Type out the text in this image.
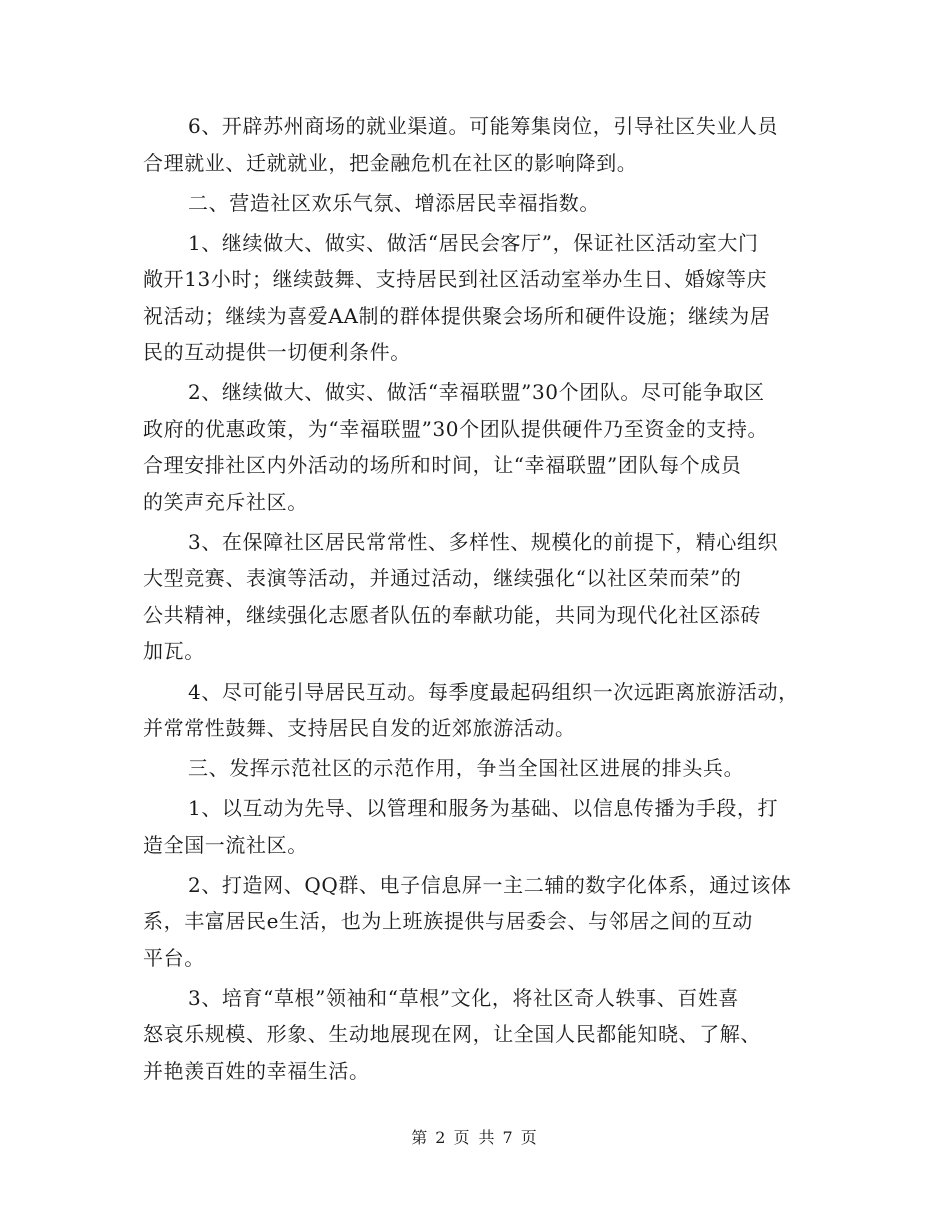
6、开辟苏州商场的就业渠道。可能筹集岗位，引导社区失业人员
合理就业、迁就就业，把金融危机在社区的影响降到。
二、营造社区欢乐气氛、增添居民幸福指数。
1、继续做大、做实、做活“居民会客厅”，保证社区活动室大门
敞开13小时；继续鼓舞、支持居民到社区活动室举办生日、婚嫁等庆
祝活动；继续为喜爱AA制的群体提供聚会场所和硬件设施；继续为居
民的互动提供一切便利条件。
2、继续做大、做实、做活“幸福联盟”30个团队。尽可能争取区
政府的优惠政策，为“幸福联盟”30个团队提供硬件乃至资金的支持。
合理安排社区内外活动的场所和时间，让“幸福联盟”团队每个成员
的笑声充斥社区。
3、在保障社区居民常常性、多样性、规模化的前提下，精心组织
大型竞赛、表演等活动，并通过活动，继续强化“以社区荣而荣”的
公共精神，继续强化志愿者队伍的奉献功能，共同为现代化社区添砖
加瓦。
4、尽可能引导居民互动。每季度最起码组织一次远距离旅游活动，
并常常性鼓舞、支持居民自发的近郊旅游活动。
三、发挥示范社区的示范作用，争当全国社区进展的排头兵。
1、以互动为先导、以管理和服务为基础、以信息传播为手段，打
造全国一流社区。
2、打造网、QQ群、电子信息屏一主二辅的数字化体系，通过该体
系，丰富居民e生活，也为上班族提供与居委会、与邻居之间的互动
平台。
3、培育“草根”领袖和“草根”文化，将社区奇人轶事、百姓喜
怒哀乐规模、形象、生动地展现在网，让全国人民都能知晓、了解、
并艳羡百姓的幸福生活。
第 2 页 共 7 页
